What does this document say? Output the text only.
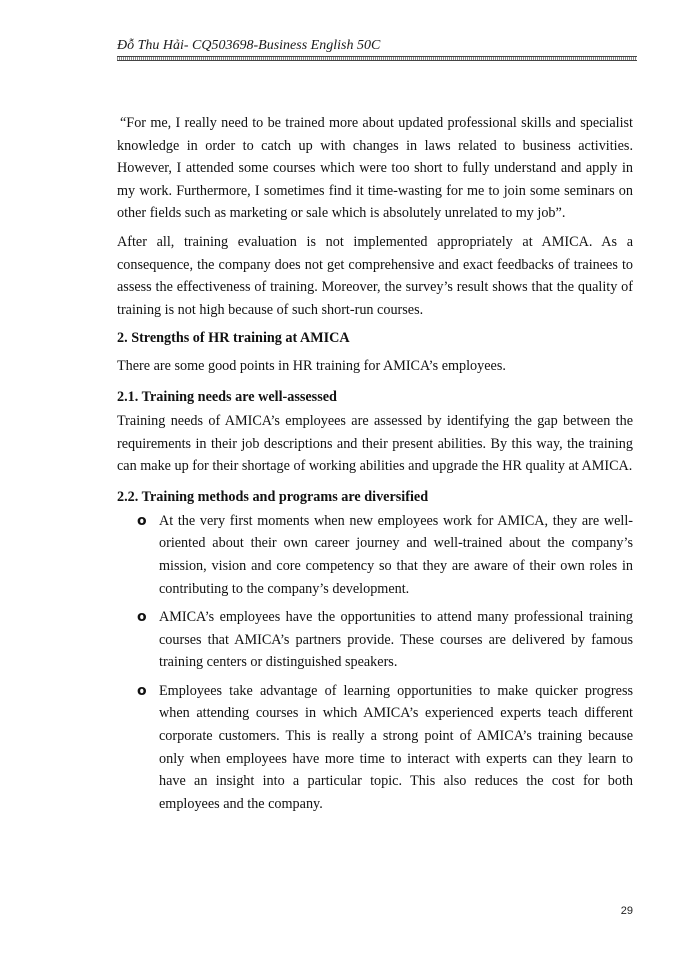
Đỗ Thu Hải- CQ503698-Business English 50C

“For me, I really need to be trained more about updated professional skills and specialist knowledge in order to catch up with changes in laws related to business activities. However, I attended some courses which were too short to fully understand and apply in my work. Furthermore, I sometimes find it time-wasting for me to join some seminars on other fields such as marketing or sale which is absolutely unrelated to my job”.

After all, training evaluation is not implemented appropriately at AMICA. As a consequence, the company does not get comprehensive and exact feedbacks of trainees to assess the effectiveness of training. Moreover, the survey’s result shows that the quality of training is not high because of such short-run courses.

2. Strengths of HR training at AMICA

There are some good points in HR training for AMICA’s employees.

2.1. Training needs are well-assessed

Training needs of AMICA’s employees are assessed by identifying the gap between the requirements in their job descriptions and their present abilities. By this way, the training can make up for their shortage of working abilities and upgrade the HR quality at AMICA.

2.2. Training methods and programs are diversified
o At the very first moments when new employees work for AMICA, they are well-oriented about their own career journey and well-trained about the company’s mission, vision and core competency so that they are aware of their own roles in contributing to the company’s development.
o AMICA’s employees have the opportunities to attend many professional training courses that AMICA’s partners provide. These courses are delivered by famous training centers or distinguished speakers.
o Employees take advantage of learning opportunities to make quicker progress when attending courses in which AMICA’s experienced experts teach different corporate customers. This is really a strong point of AMICA’s training because only when employees have more time to interact with experts can they learn to have an insight into a particular topic. This also reduces the cost for both employees and the company.
29
